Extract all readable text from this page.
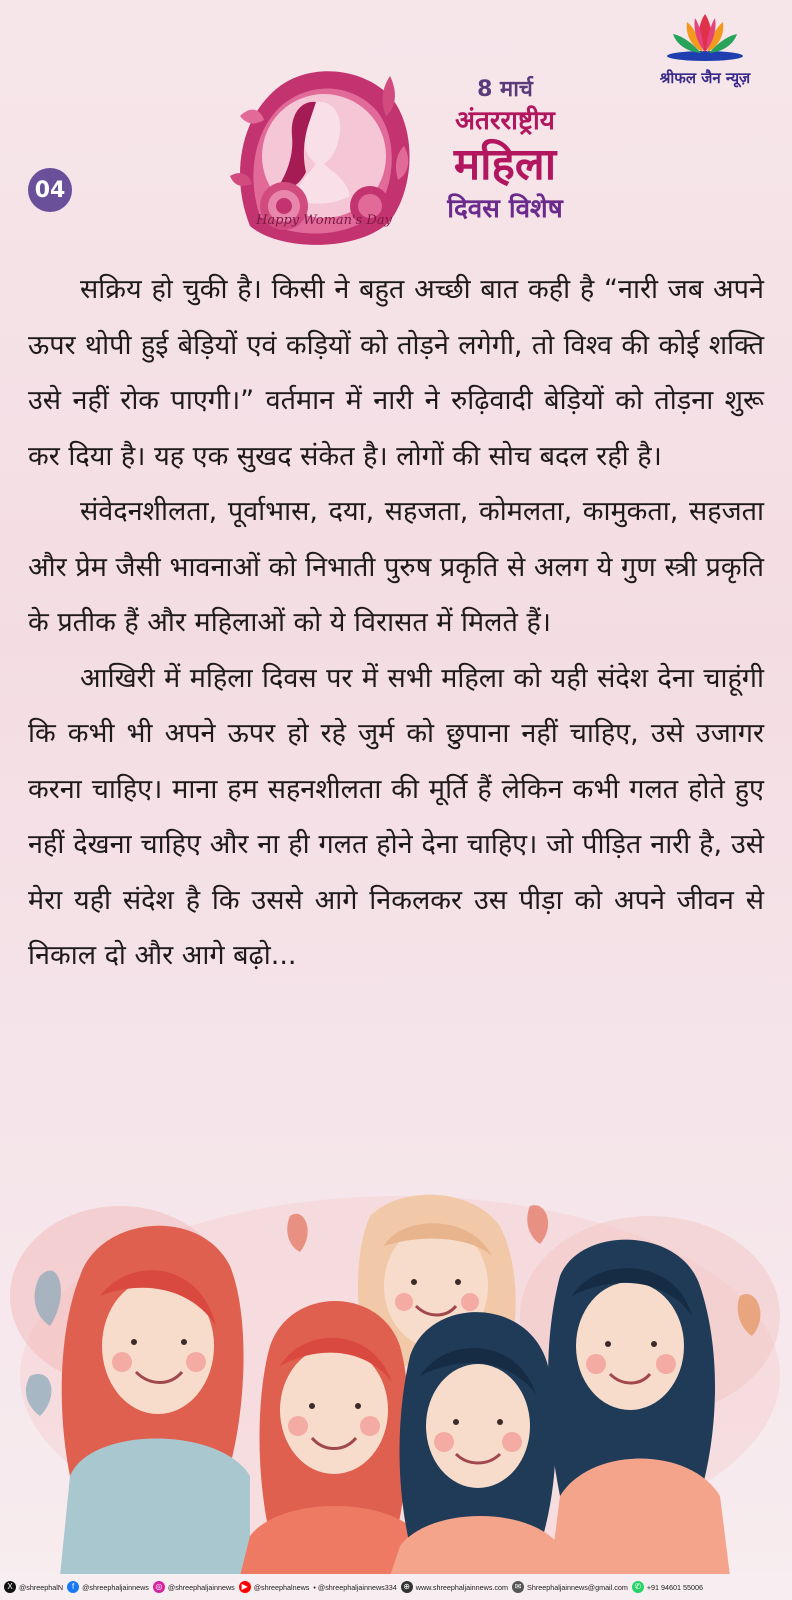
श्रीफल जैन न्यूज़
04
Happy Woman's Day
8 मार्च
अंतरराष्ट्रीय
महिला
दिवस विशेष

सक्रिय हो चुकी है। किसी ने बहुत अच्छी बात कही है “नारी जब अपने ऊपर थोपी हुई बेड़ियों एवं कड़ियों को तोड़ने लगेगी, तो विश्व की कोई शक्ति उसे नहीं रोक पाएगी।” वर्तमान में नारी ने रुढ़िवादी बेड़ियों को तोड़ना शुरू कर दिया है। यह एक सुखद संकेत है। लोगों की सोच बदल रही है।

संवेदनशीलता, पूर्वाभास, दया, सहजता, कोमलता, कामुकता, सहजता और प्रेम जैसी भावनाओं को निभाती पुरुष प्रकृति से अलग ये गुण स्त्री प्रकृति के प्रतीक हैं और महिलाओं को ये विरासत में मिलते हैं।

आखिरी में महिला दिवस पर में सभी महिला को यही संदेश देना चाहूंगी कि कभी भी अपने ऊपर हो रहे जुर्म को छुपाना नहीं चाहिए, उसे उजागर करना चाहिए। माना हम सहनशीलता की मूर्ति हैं लेकिन कभी गलत होते हुए नहीं देखना चाहिए और ना ही गलत होने देना चाहिए। जो पीड़ित नारी है, उसे मेरा यही संदेश है कि उससे आगे निकलकर उस पीड़ा को अपने जीवन से निकाल दो और आगे बढ़ो...

X @shreephalN	f	@shreephaljainnews ◎ @shreephaljainnews ▶ @shreephalnews • @shreephaljainnews334 ⊕ www.shreephaljainnews.com ✉ Shreephaljainnews@gmail.com ✆ +91 94601 55006
